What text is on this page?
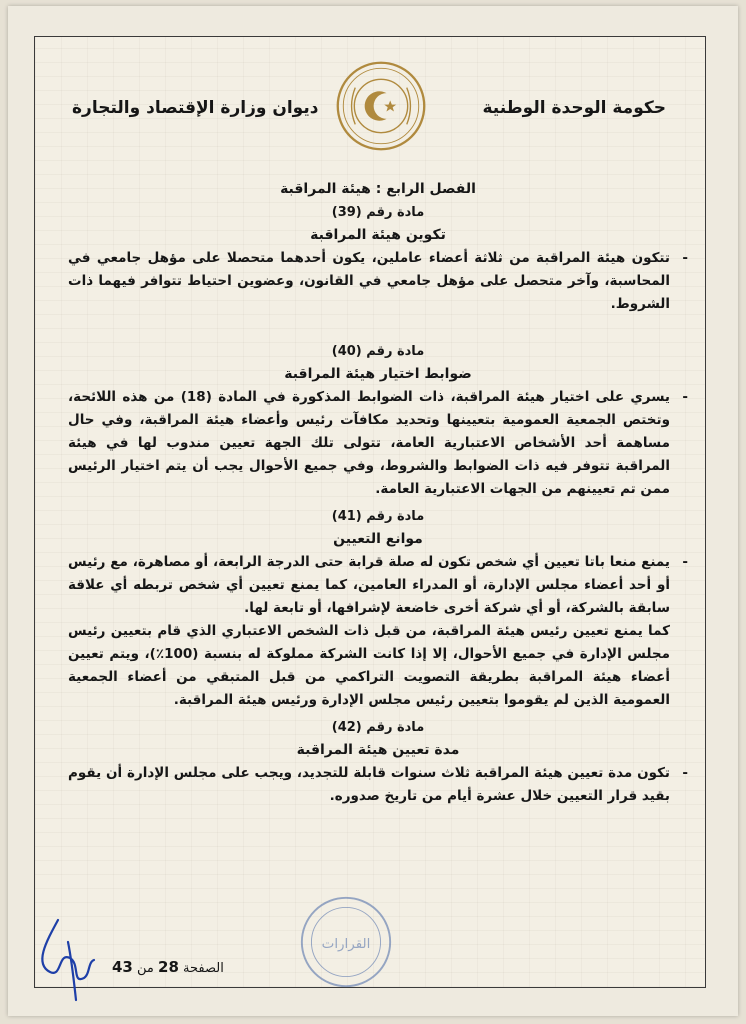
حكومة الوحدة الوطنية
ديوان وزارة الإقتصاد والتجارة
الفصل الرابع : هيئة المراقبة
مادة رقم (39)
تكوين هيئة المراقبة
-
تتكون هيئة المراقبة من ثلاثة أعضاء عاملين، يكون أحدهما متحصلا على مؤهل جامعي في المحاسبة، وآخر متحصل على مؤهل جامعي في القانون، وعضوين احتياط تتوافر فيهما ذات الشروط.
مادة رقم (40)
ضوابط اختيار هيئة المراقبة
-
يسري على اختيار هيئة المراقبة، ذات الضوابط المذكورة في المادة (18) من هذه اللائحة، وتختص الجمعية العمومية بتعيينها وتحديد مكافآت رئيس وأعضاء هيئة المراقبة، وفي حال مساهمة أحد الأشخاص الاعتبارية العامة، تتولى تلك الجهة تعيين مندوب لها في هيئة المراقبة تتوفر فيه ذات الضوابط والشروط، وفي جميع الأحوال يجب أن يتم اختيار الرئيس ممن تم تعيينهم من الجهات الاعتبارية العامة.
مادة رقم (41)
موانع التعيين
-
يمنع منعا باتا تعيين أي شخص تكون له صلة قرابة حتى الدرجة الرابعة، أو مصاهرة، مع رئيس أو أحد أعضاء مجلس الإدارة، أو المدراء العامين، كما يمنع تعيين أي شخص تربطه أي علاقة سابقة بالشركة، أو أي شركة أخرى خاضعة لإشرافها، أو تابعة لها.
كما يمنع تعيين رئيس هيئة المراقبة، من قبل ذات الشخص الاعتباري الذي قام بتعيين رئيس مجلس الإدارة في جميع الأحوال، إلا إذا كانت الشركة مملوكة له بنسبة (100٪)، ويتم تعيين أعضاء هيئة المراقبة بطريقة التصويت التراكمي من قبل المتبقي من أعضاء الجمعية العمومية الذين لم يقوموا بتعيين رئيس مجلس الإدارة ورئيس هيئة المراقبة.
مادة رقم (42)
مدة تعيين هيئة المراقبة
-
تكون مدة تعيين هيئة المراقبة ثلاث سنوات قابلة للتجديد، ويجب على مجلس الإدارة أن يقوم بقيد قرار التعيين خلال عشرة أيام من تاريخ صدوره.
القرارات
الصفحة 28 من 43
